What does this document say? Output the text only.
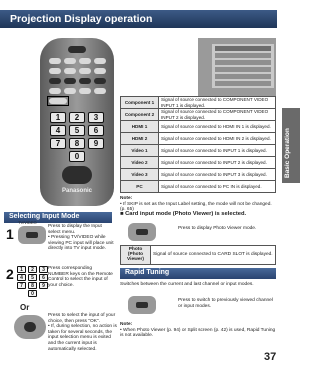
Projection Display operation
Basic Operation
1	2	3
4	5	6
7	8	9
0
Panasonic
Component 1	Signal of source connected to COMPONENT VIDEO INPUT 1 is displayed.
Component 2	Signal of source connected to COMPONENT VIDEO INPUT 2 is displayed.
HDMI 1	Signal of source connected to HDMI IN 1 is displayed.
HDMI 2	Signal of source connected to HDMI IN 2 is displayed.
Video 1	Signal of source connected to INPUT 1 is displayed.
Video 2	Signal of source connected to INPUT 2 is displayed.
Video 3	Signal of source connected to INPUT 3 is displayed.
PC	Signal of source connected to PC IN is displayed.
Note:
• If SKIP is set as the Input Label setting, the mode will not be changed. (p. 65)
Selecting Input Mode
1
TV/VIDEO
Press to display the Input select menu.
• Pressing TV/VIDEO while viewing PC input will place unit directly into TV input mode.
2	1	2	3
4	5	6
7	8	9
0
Press corresponding NUMBER keys on the Remote Control to select the input of your choice.
Or
Press to select the input of your choice, then press "OK".
• If, during selection, no action is taken for several seconds, the input selection menu is exited and the current input is automatically selected.
■ Card input mode (Photo Viewer) is selected.
Press to display Photo Viewer mode.
Photo (Photo Viewer)	Signal of source connected to CARD SLOT is displayed.
Rapid Tuning
Switches between the current and last channel or input modes.
Press to switch to previously viewed channel or input modes.
Note:
• When Photo Viewer (p. 94) or Split screen (p. 42) is used, Rapid Tuning is not available.
37
